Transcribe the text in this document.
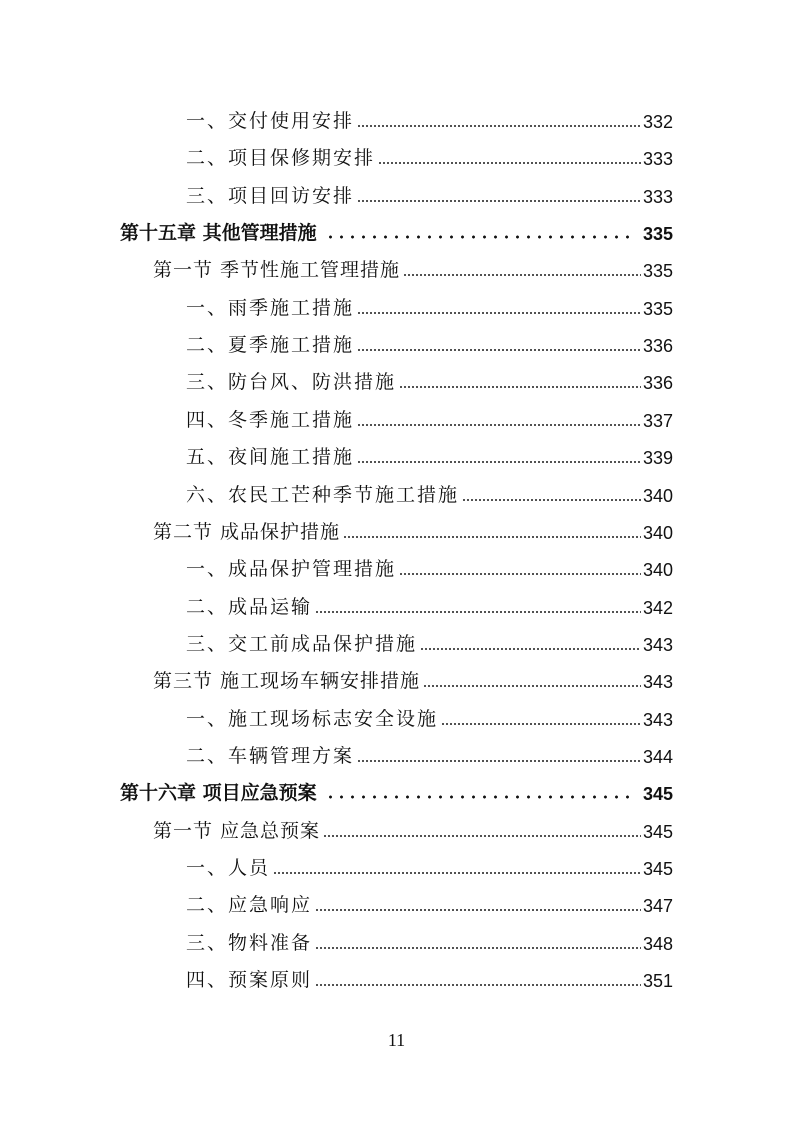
一、交付使用安排	332
二、项目保修期安排	333
三、项目回访安排	333
第十五章 其他管理措施	335
第一节 季节性施工管理措施	335
一、雨季施工措施	335
二、夏季施工措施	336
三、防台风、防洪措施	336
四、冬季施工措施	337
五、夜间施工措施	339
六、农民工芒种季节施工措施	340
第二节 成品保护措施	340
一、成品保护管理措施	340
二、成品运输	342
三、交工前成品保护措施	343
第三节 施工现场车辆安排措施	343
一、施工现场标志安全设施	343
二、车辆管理方案	344
第十六章 项目应急预案	345
第一节 应急总预案	345
一、人员	345
二、应急响应	347
三、物料准备	348
四、预案原则	351
11
